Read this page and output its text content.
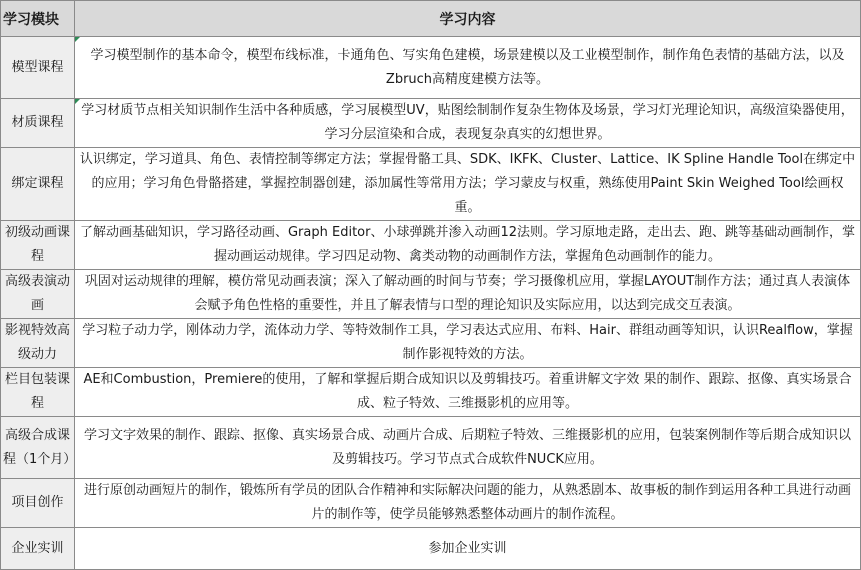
学习模块	学习内容
模型课程	学习模型制作的基本命令，模型布线标准，卡通角色、写实角色建模，场景建模以及工业模型制作，制作角色表情的基础方法，以及Zbruch高精度建模方法等。
材质课程	学习材质节点相关知识制作生活中各种质感，学习展模型UV，贴图绘制制作复杂生物体及场景，学习灯光理论知识，高级渲染器使用，学习分层渲染和合成，表现复杂真实的幻想世界。
绑定课程	认识绑定，学习道具、角色、表情控制等绑定方法；掌握骨骼工具、SDK、IKFK、Cluster、Lattice、IK Spline Handle Tool在绑定中的应用；学习角色骨骼搭建，掌握控制器创建，添加属性等常用方法；学习蒙皮与权重，熟练使用Paint Skin Weighed Tool绘画权重。
初级动画课程	了解动画基础知识，学习路径动画、Graph Editor、小球弹跳并渗入动画12法则。学习原地走路，走出去、跑、跳等基础动画制作，掌握动画运动规律。学习四足动物、禽类动物的动画制作方法，掌握角色动画制作的能力。
高级表演动画	巩固对运动规律的理解，模仿常见动画表演；深入了解动画的时间与节奏；学习摄像机应用，掌握LAYOUT制作方法；通过真人表演体会赋予角色性格的重要性，并且了解表情与口型的理论知识及实际应用，以达到完成交互表演。
影视特效高级动力	学习粒子动力学，刚体动力学，流体动力学、等特效制作工具，学习表达式应用、布料、Hair、群组动画等知识，认识Realflow，掌握制作影视特效的方法。
栏目包装课程	AE和Combustion，Premiere的使用，了解和掌握后期合成知识以及剪辑技巧。着重讲解文字效 果的制作、跟踪、抠像、真实场景合成、粒子特效、三维摄影机的应用等。
高级合成课程（1个月）	学习文字效果的制作、跟踪、抠像、真实场景合成、动画片合成、后期粒子特效、三维摄影机的应用，包装案例制作等后期合成知识以及剪辑技巧。学习节点式合成软件NUCK应用。
项目创作	进行原创动画短片的制作，锻炼所有学员的团队合作精神和实际解决问题的能力，从熟悉剧本、故事板的制作到运用各种工具进行动画片的制作等，使学员能够熟悉整体动画片的制作流程。
企业实训	参加企业实训
